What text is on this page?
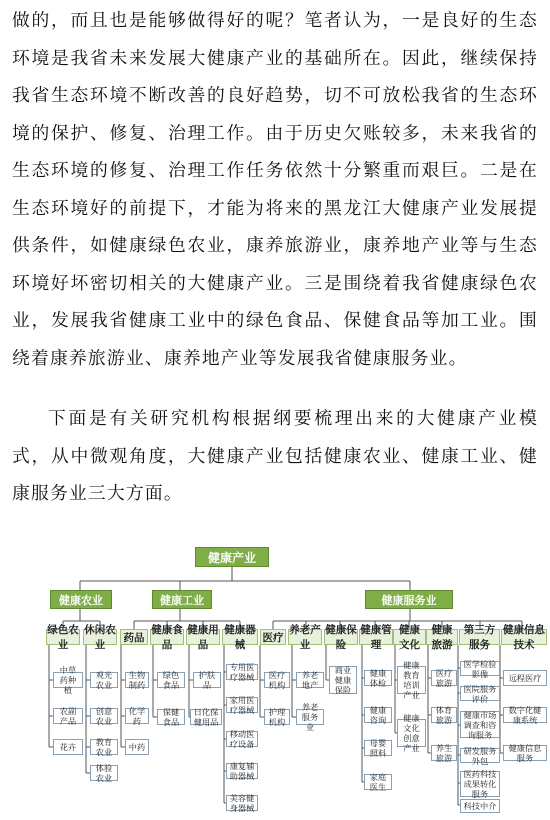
做的，而且也是能够做得好的呢？笔者认为，一是良好的生态环境是我省未来发展大健康产业的基础所在。因此，继续保持我省生态环境不断改善的良好趋势，切不可放松我省的生态环境的保护、修复、治理工作。由于历史欠账较多，未来我省的生态环境的修复、治理工作任务依然十分繁重而艰巨。二是在生态环境好的前提下，才能为将来的黑龙江大健康产业发展提供条件，如健康绿色农业，康养旅游业，康养地产业等与生态环境好坏密切相关的大健康产业。三是围绕着我省健康绿色农业，发展我省健康工业中的绿色食品、保健食品等加工业。围绕着康养旅游业、康养地产业等发展我省健康服务业。

下面是有关研究机构根据纲要梳理出来的大健康产业模式，从中微观角度，大健康产业包括健康农业、健康工业、健康服务业三大方面。

健康产业
健康农业	健康工业	健康服务业
绿色农业
休闲农业
药品
健康食品
健康用品
健康器械
医疗
养老产业
健康保险
健康管理
健康文化
健康旅游
第三方服务
健康信息技术
中草药种植
农副产品
花卉
观光农业
创意农业
教育农业
体验农业
生物制药
化学药
中药
绿色食品
保健食品
护肤品
日化保健用品
专用医疗器械
家用医疗器械
移动医疗设备
康复辅助器械
美容健身器械
医疗机构
护理机构
养老地产
养老服务业
商业健康保险
健康体检
健康咨询
母婴照料
家庭医生
健康教育培训产业
健康文化创意产业
医疗旅游
体育旅游
养生旅游
医学检验影像
医院服务评价
健康市场调查和咨询服务
研发服务外包
医药科技成果转化服务
科技中介
远程医疗
数字化健康系统
健康信息服务
